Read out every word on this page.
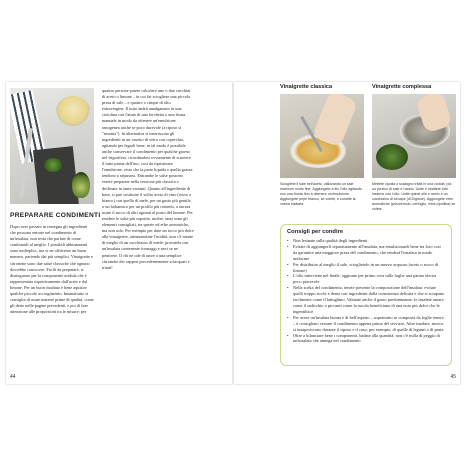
PREPARARE CONDIMENTI

Dopo aver passato in rassegna gli ingredienti che possono entrare nel condimento di un'insalata, non resta che parlare di come combinarli al meglio. I possibili abbinamenti sono molteplici, ma vi ne offriremo un buon numero, partendo dai più semplici. Vinaigrette e citronette sono due salse classiche che ognuno dovrebbe conoscere. Facili da preparare, si distinguono per la componente acidula che è rappresentata rispettivamente dall'aceto e dal limone. Per un buon risultato è bene aquisire qualche piccolo accorgimento. Innanzitutto si consiglia di usare materie prime di qualità, come gli detto nelle pagine precedenti, e poi di fare attenzione alle proporzioni tra le misure: per

quattro persone potete calcolare uno o due cucchiai di aceto o limone – in cui far sciogliere una piccola presa di sale – e quattro o cinque di olio extravergine. Il tutto andrà amalgamato in una ciotolina con l'aiuto di una forchetta o una frusta manuale in modo da ottenere un'emulsione omogenea anche se poco durevole (a riposo si "smonta"). In alternativa si inseriscono gli ingredienti in un vasetto di vetro con coperchio, agitando per legarli bene, in tal modo è possibile anche conservare il condimento per qualche giorno nel frigorifero, ricordandosi ovviamente di scuotere il tutto prima dell'uso, così da ripristinare l'emulsione, visto che la parte liquida e quella grassa tendono a separarsi. Entrambe le salse possono essere preparate nella versione più classica o declinate in tante varianti. Quanto all'ingrediente di base, si può sostituire il solito aceto di vino (rosso o bianco) con quello di mele, per un gusto più gentile, o un balsamico per un profilo più rotondo, a ancora usare il succo di altri agrumi al posto del limone. Per rendere le salse più saporite, inoltre, tanti sono gli elementi consigliati, tra spezie ed erbe aromatiche, ma non solo. Per esempio per dare un tocco più dolce alla vinaigrette, attenuandone l'acidità, non c'è niente di meglio di un cucchiaino di miele: provatela con un'insalata contenente formaggi e noci se ne pentirete. Il chi ne ode di unire a una semplice citronette dei capperi precedentemente sciacquati e tritati!

44
Vinaigrette classica	Vinaigrette complessa
Sciogliete il sale nell'aceto, utilizzando un sale marinum molto fine. Aggiungete a filo l'olio agitando con una frusta fino a ottenere un'emulsione. Aggiungete pepe bianco, se volete, e condite la vostra insalata.
Mettete cipolla o scalogno tritati in una ciotola, poi un pizzico di sale e l'aceto. Unite e sbattete tutti insieme con l'olio. Unite quindi olio e aceto e un cucchiaino di senape (di Digione). Aggiungete erbe aromatiche (prezzemolo, cerfoglio, erba cipollina) se volete.
Consigli per condire
• Non lesinate sulla qualità degli ingredienti
• Evitate di aggiungerli separatamente all'insalata, ma emulsionateli bene tra loro così da garantire una maggiore presa del condimento, che renderà l'insalata in modo uniforme
• Per distribuire al meglio il sale, scioglietelo in un mezzo acquoso (aceto o succo di limone)
• L'olio interviene nel finale: aggiunto per primo crea sulle foglie una patina oleosa poco piacevole
• Nella scelta del condimento, tenete presente la composizione dell'insalata: evitate quelli troppo ricchi e densi con ingredienti dalla consistenza delicata e che si sciupano facilmente come il lattughino. Valutate anche il gusto predominante: le insalate amare come il radicchio o piccanti come la rucola beneficiano di una nota più dolce che le ingentilisce
• Per avere un'insalata buona e di bell'aspetto – soprattutto se composta da foglie tenere – è consigliato versare il condimento appena prima del servizio. Altre insalate, invece, si insaporiscono durante il riposo e il caso, per esempio, di quelle di legumi o di pasta
• Oltre a bilanciare bene i componenti, badate alla quantità: non c'è nulla di peggio di un'insalata che annega nel condimento
45
